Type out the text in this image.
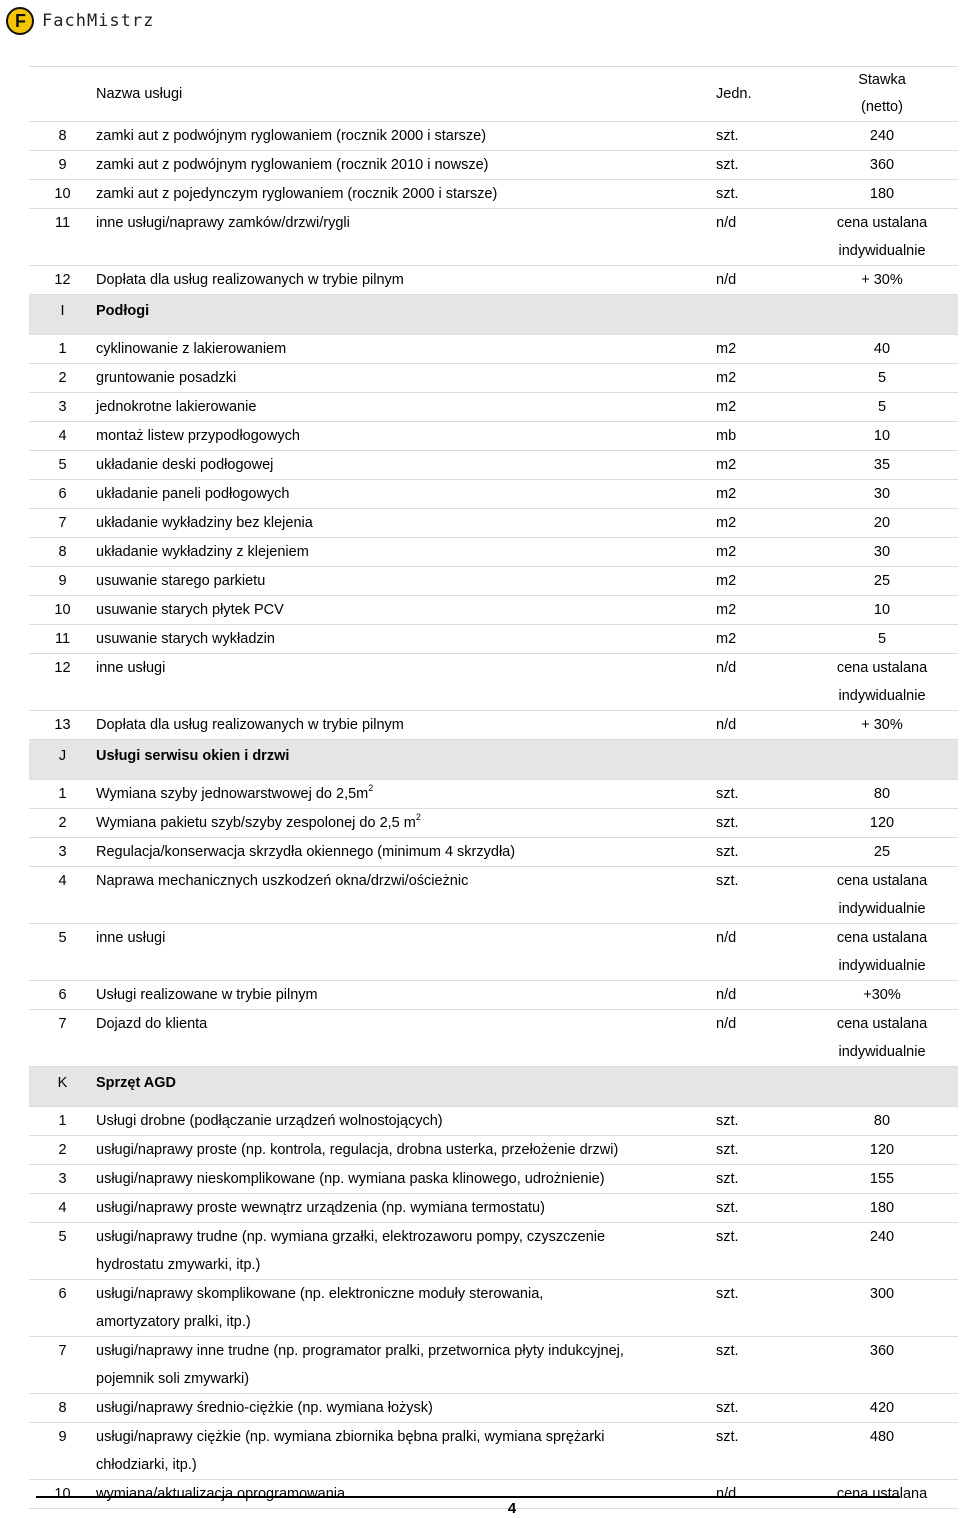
F FachMistrz
	Nazwa usługi	Jedn.	Stawka
(netto)

8	zamki aut z podwójnym ryglowaniem (rocznik 2000 i starsze)	szt.	240

9	zamki aut z podwójnym ryglowaniem (rocznik 2010 i nowsze)	szt.	360

10	zamki aut z pojedynczym ryglowaniem (rocznik 2000 i starsze)	szt.	180

11	inne usługi/naprawy zamków/drzwi/rygli	n/d	cena ustalana
indywidualnie

12	Dopłata dla usług realizowanych w trybie pilnym	n/d	+ 30%

I	Podłogi		
1	cyklinowanie z lakierowaniem	m2	40

2	gruntowanie posadzki	m2	5

3	jednokrotne lakierowanie	m2	5

4	montaż listew przypodłogowych	mb	10

5	układanie deski podłogowej	m2	35

6	układanie paneli podłogowych	m2	30

7	układanie wykładziny bez klejenia	m2	20

8	układanie wykładziny z klejeniem	m2	30

9	usuwanie starego parkietu	m2	25

10	usuwanie starych płytek PCV	m2	10

11	usuwanie starych wykładzin	m2	5

12	inne usługi	n/d	cena ustalana
indywidualnie

13	Dopłata dla usług realizowanych w trybie pilnym	n/d	+ 30%

J	Usługi serwisu okien i drzwi		
1	Wymiana szyby jednowarstwowej do $2,5m^2$	szt.	80

2	Wymiana pakietu szyb/szyby zespolonej do 2,5 $m^2$	szt.	120

3	Regulacja/konserwacja skrzydła okiennego (minimum 4 skrzydła)	szt.	25

4	Naprawa mechanicznych uszkodzeń okna/drzwi/ościeżnic	szt.	cena ustalana
indywidualnie

5	inne usługi	n/d	cena ustalana
indywidualnie

6	Usługi realizowane w trybie pilnym	n/d	+30%

7	Dojazd do klienta	n/d	cena ustalana
indywidualnie

K	Sprzęt AGD		
1	Usługi drobne (podłączanie urządzeń wolnostojących)	szt.	80

2	usługi/naprawy proste (np. kontrola, regulacja, drobna usterka, przełożenie drzwi)	szt.	120

3	usługi/naprawy nieskomplikowane (np. wymiana paska klinowego, udrożnienie)	szt.	155

4	usługi/naprawy proste wewnątrz urządzenia (np. wymiana termostatu)	szt.	180

5	usługi/naprawy trudne (np. wymiana grzałki, elektrozaworu pompy, czyszczenie
hydrostatu zmywarki, itp.)	szt.	240

6	usługi/naprawy skomplikowane (np. elektroniczne moduły sterowania,
amortyzatory pralki, itp.)	szt.	300

7	usługi/naprawy inne trudne (np. programator pralki, przetwornica płyty indukcyjnej,
pojemnik soli zmywarki)	szt.	360

8	usługi/naprawy średnio-ciężkie (np. wymiana łożysk)	szt.	420

9	usługi/naprawy ciężkie (np. wymiana zbiornika bębna pralki, wymiana sprężarki
chłodziarki, itp.)	szt.	480

10	wymiana/aktualizacja oprogramowania	n/d	cena ustalana
4
